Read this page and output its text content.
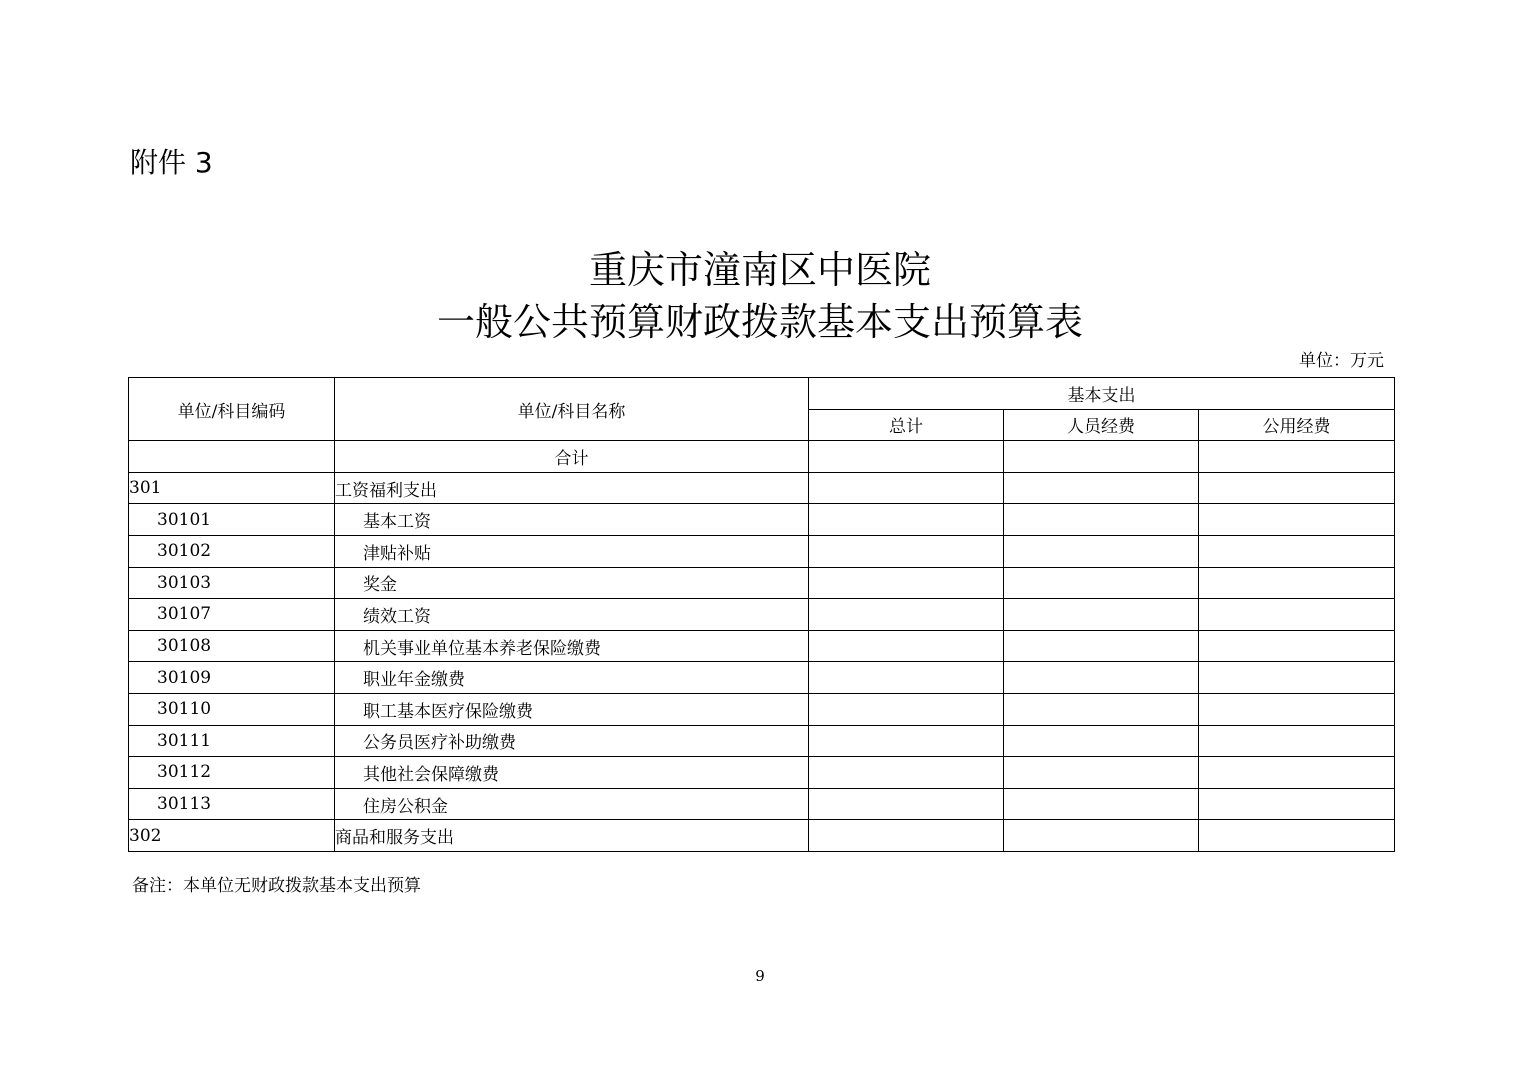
附件 3
重庆市潼南区中医院
一般公共预算财政拨款基本支出预算表
单位：万元
单位/科目编码	单位/科目名称	基本支出		
		总计	人员经费	公用经费
	合计			
301	工资福利支出			
30101	基本工资			
30102	津贴补贴			
30103	奖金			
30107	绩效工资			
30108	机关事业单位基本养老保险缴费			
30109	职业年金缴费			
30110	职工基本医疗保险缴费			
30111	公务员医疗补助缴费			
30112	其他社会保障缴费			
30113	住房公积金			
302	商品和服务支出			
备注：本单位无财政拨款基本支出预算
9
